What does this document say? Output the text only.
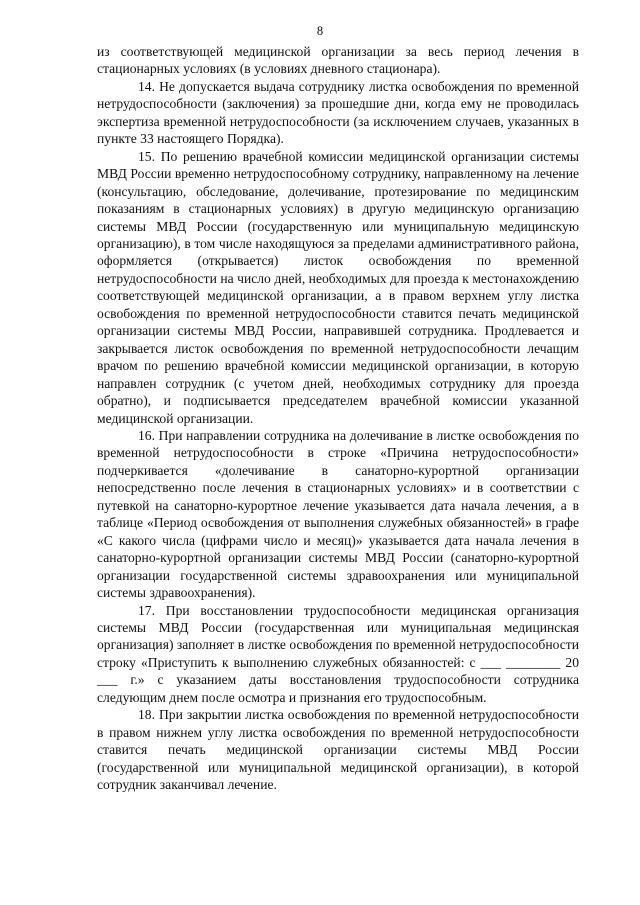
8

из соответствующей медицинской организации за весь период лечения в стационарных условиях (в условиях дневного стационара).

14. Не допускается выдача сотруднику листка освобождения по временной нетрудоспособности (заключения) за прошедшие дни, когда ему не проводилась экспертиза временной нетрудоспособности (за исключением случаев, указанных в пункте 33 настоящего Порядка).

15. По решению врачебной комиссии медицинской организации системы МВД России временно нетрудоспособному сотруднику, направленному на лечение (консультацию, обследование, долечивание, протезирование по медицинским показаниям в стационарных условиях) в другую медицинскую организацию системы МВД России (государственную или муниципальную медицинскую организацию), в том числе находящуюся за пределами административного района, оформляется (открывается) листок освобождения по временной нетрудоспособности на число дней, необходимых для проезда к местонахождению соответствующей медицинской организации, а в правом верхнем углу листка освобождения по временной нетрудоспособности ставится печать медицинской организации системы МВД России, направившей сотрудника. Продлевается и закрывается листок освобождения по временной нетрудоспособности лечащим врачом по решению врачебной комиссии медицинской организации, в которую направлен сотрудник (с учетом дней, необходимых сотруднику для проезда обратно), и подписывается председателем врачебной комиссии указанной медицинской организации.

16. При направлении сотрудника на долечивание в листке освобождения по временной нетрудоспособности в строке «Причина нетрудоспособности» подчеркивается «долечивание в санаторно-курортной организации непосредственно после лечения в стационарных условиях» и в соответствии с путевкой на санаторно-курортное лечение указывается дата начала лечения, а в таблице «Период освобождения от выполнения служебных обязанностей» в графе «С какого числа (цифрами число и месяц)» указывается дата начала лечения в санаторно-курортной организации системы МВД России (санаторно-курортной организации государственной системы здравоохранения или муниципальной системы здравоохранения).

17. При восстановлении трудоспособности медицинская организация системы МВД России (государственная или муниципальная медицинская организация) заполняет в листке освобождения по временной нетрудоспособности строку «Приступить к выполнению служебных обязанностей: с ___ ________ 20 ___ г.» с указанием даты восстановления трудоспособности сотрудника следующим днем после осмотра и признания его трудоспособным.

18. При закрытии листка освобождения по временной нетрудоспособности в правом нижнем углу листка освобождения по временной нетрудоспособности ставится печать медицинской организации системы МВД России (государственной или муниципальной медицинской организации), в которой сотрудник заканчивал лечение.
